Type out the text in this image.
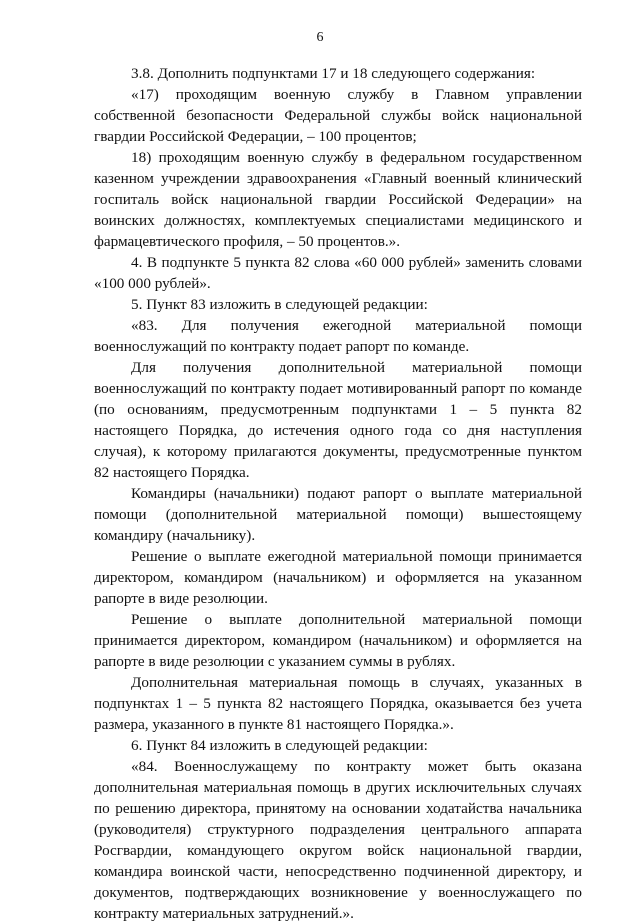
6

3.8. Дополнить подпунктами 17 и 18 следующего содержания:

«17) проходящим военную службу в Главном управлении собственной безопасности Федеральной службы войск национальной гвардии Российской Федерации, – 100 процентов;

18) проходящим военную службу в федеральном государственном казенном учреждении здравоохранения «Главный военный клинический госпиталь войск национальной гвардии Российской Федерации» на воинских должностях, комплектуемых специалистами медицинского и фармацевтического профиля, – 50 процентов.».

4. В подпункте 5 пункта 82 слова «60 000 рублей» заменить словами «100 000 рублей».

5. Пункт 83 изложить в следующей редакции:

«83. Для получения ежегодной материальной помощи военнослужащий по контракту подает рапорт по команде.

Для получения дополнительной материальной помощи военнослужащий по контракту подает мотивированный рапорт по команде (по основаниям, предусмотренным подпунктами 1 – 5 пункта 82 настоящего Порядка, до истечения одного года со дня наступления случая), к которому прилагаются документы, предусмотренные пунктом 82 настоящего Порядка.

Командиры (начальники) подают рапорт о выплате материальной помощи (дополнительной материальной помощи) вышестоящему командиру (начальнику).

Решение о выплате ежегодной материальной помощи принимается директором, командиром (начальником) и оформляется на указанном рапорте в виде резолюции.

Решение о выплате дополнительной материальной помощи принимается директором, командиром (начальником) и оформляется на рапорте в виде резолюции с указанием суммы в рублях.

Дополнительная материальная помощь в случаях, указанных в подпунктах 1 – 5 пункта 82 настоящего Порядка, оказывается без учета размера, указанного в пункте 81 настоящего Порядка.».

6. Пункт 84 изложить в следующей редакции:

«84. Военнослужащему по контракту может быть оказана дополнительная материальная помощь в других исключительных случаях по решению директора, принятому на основании ходатайства начальника (руководителя) структурного подразделения центрального аппарата Росгвардии, командующего округом войск национальной гвардии, командира воинской части, непосредственно подчиненной директору, и документов, подтверждающих возникновение у военнослужащего по контракту материальных затруднений.».
